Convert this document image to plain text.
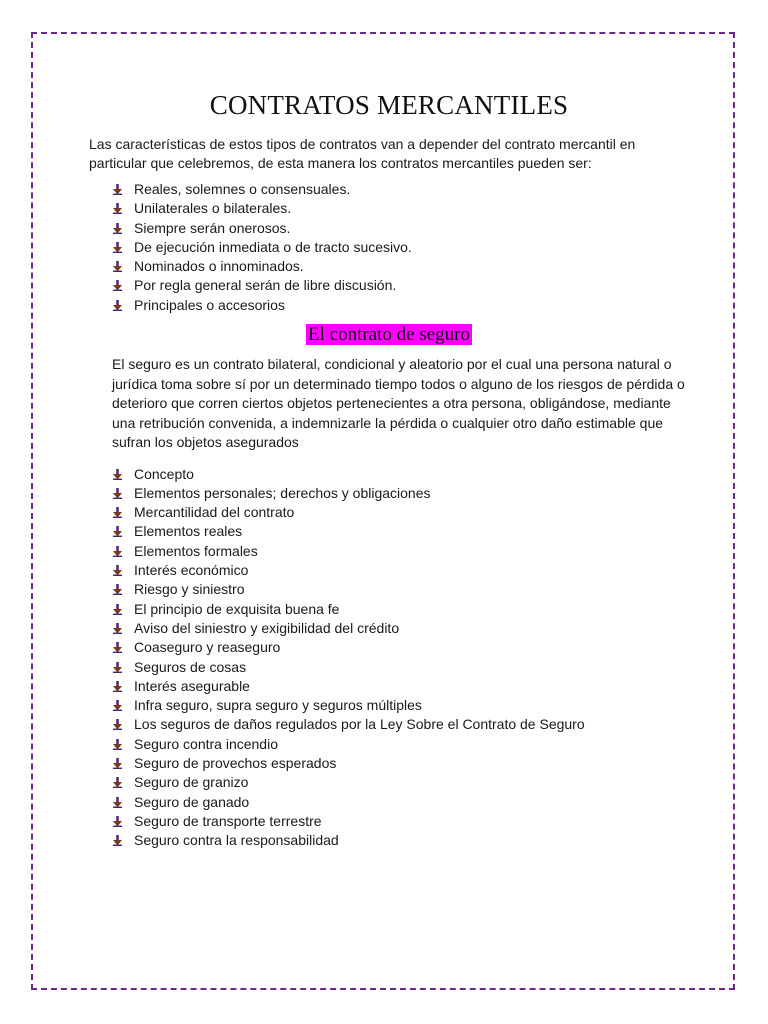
CONTRATOS MERCANTILES

Las características de estos tipos de contratos van a depender del contrato mercantil en particular que celebremos, de esta manera los contratos mercantiles pueden ser:

Reales, solemnes o consensuales.
Unilaterales o bilaterales.
Siempre serán onerosos.
De ejecución inmediata o de tracto sucesivo.
Nominados o innominados.
Por regla general serán de libre discusión.
Principales o accesorios
El contrato de seguro

El seguro es un contrato bilateral, condicional y aleatorio por el cual una persona natural o jurídica toma sobre sí por un determinado tiempo todos o alguno de los riesgos de pérdida o deterioro que corren ciertos objetos pertenecientes a otra persona, obligándose, mediante una retribución convenida, a indemnizarle la pérdida o cualquier otro daño estimable que sufran los objetos asegurados

Concepto
Elementos personales; derechos y obligaciones
Mercantilidad del contrato
Elementos reales
Elementos formales
Interés económico
Riesgo y siniestro
El principio de exquisita buena fe
Aviso del siniestro y exigibilidad del crédito
Coaseguro y reaseguro
Seguros de cosas
Interés asegurable
Infra seguro, supra seguro y seguros múltiples
Los seguros de daños regulados por la Ley Sobre el Contrato de Seguro
Seguro contra incendio
Seguro de provechos esperados
Seguro de granizo
Seguro de ganado
Seguro de transporte terrestre
Seguro contra la responsabilidad
